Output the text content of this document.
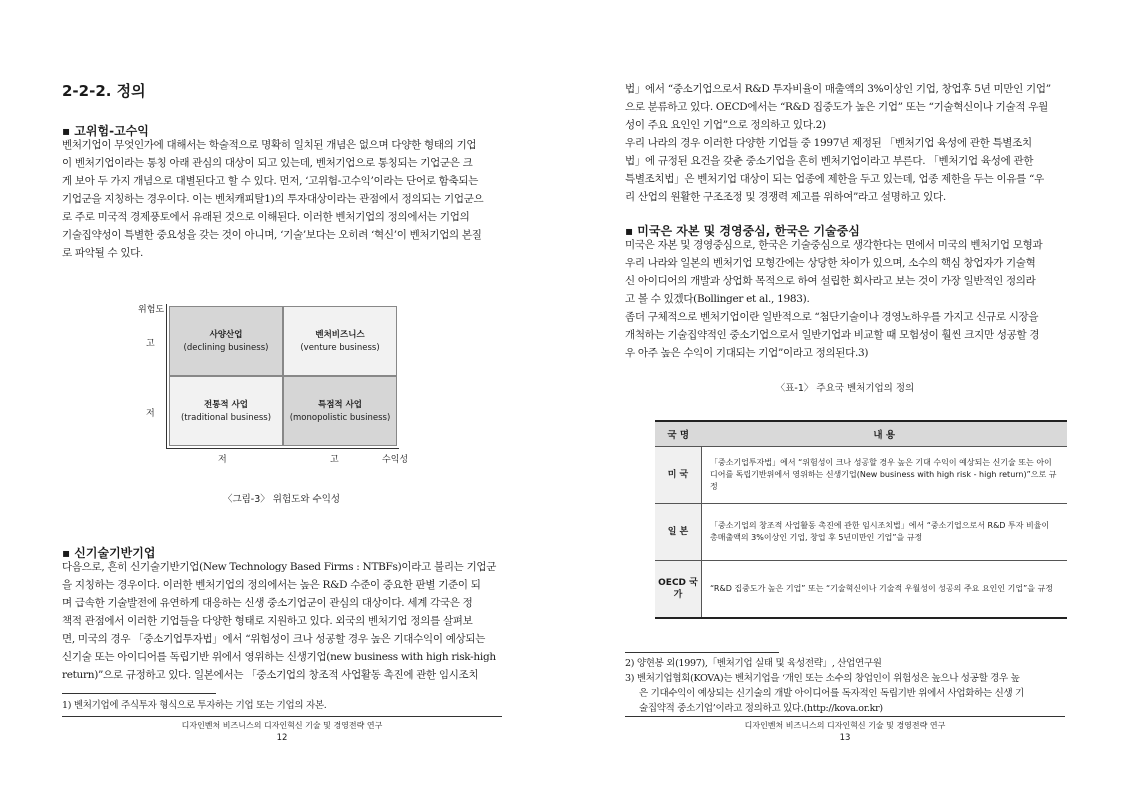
2-2-2. 정의
▪ 고위험-고수익
벤처기업이 무엇인가에 대해서는 학술적으로 명확히 일치된 개념은 없으며 다양한 형태의 기업
이 벤처기업이라는 통칭 아래 관심의 대상이 되고 있는데, 벤처기업으로 통칭되는 기업군은 크
게 보아 두 가지 개념으로 대별된다고 할 수 있다. 먼저, ‘고위험-고수익’이라는 단어로 함축되는
기업군을 지칭하는 경우이다. 이는 벤처캐피탈1)의 투자대상이라는 관점에서 정의되는 기업군으
로 주로 미국적 경제풍토에서 유래된 것으로 이해된다. 이러한 벤처기업의 정의에서는 기업의
기술집약성이 특별한 중요성을 갖는 것이 아니며, ‘기술’보다는 오히려 ‘혁신’이 벤처기업의 본질
로 파악될 수 있다.
위험도
고
저
사양산업
(declining business)
벤처비즈니스
(venture business)
전통적 사업
(traditional business)
특점적 사업
(monopolistic business)
저	고	수익성
〈그림-3〉 위험도와 수익성
▪ 신기술기반기업
다음으로, 흔히 신기술기반기업(New Technology Based Firms : NTBFs)이라고 불리는 기업군
을 지칭하는 경우이다. 이러한 벤처기업의 정의에서는 높은 R&D 수준이 중요한 판별 기준이 되
며 급속한 기술발전에 유연하게 대응하는 신생 중소기업군이 관심의 대상이다. 세계 각국은 정
책적 관점에서 이러한 기업들을 다양한 형태로 지원하고 있다. 외국의 벤처기업 정의를 살펴보
면, 미국의 경우 「중소기업투자법」에서 “위험성이 크나 성공할 경우 높은 기대수익이 예상되는
신기술 또는 아이디어를 독립기반 위에서 영위하는 신생기업(new business with high risk-high
return)”으로 규정하고 있다. 일본에서는 「중소기업의 창조적 사업활동 촉진에 관한 임시조치

1) 벤처기업에 주식투자 형식으로 투자하는 기업 또는 기업의 자본.

디자인벤처 비즈니스의 디자인혁신 기술 및 경영전략 연구
12
법」에서 “중소기업으로서 R&D 투자비율이 매출액의 3%이상인 기업, 창업후 5년 미만인 기업”
으로 분류하고 있다. OECD에서는 “R&D 집중도가 높은 기업” 또는 “기술혁신이나 기술적 우월
성이 주요 요인인 기업”으로 정의하고 있다.2)
우리 나라의 경우 이러한 다양한 기업들 중 1997년 제정된 「벤처기업 육성에 관한 특별조치
법」에 규정된 요건을 갖춘 중소기업을 흔히 벤처기업이라고 부른다. 「벤처기업 육성에 관한
특별조치법」은 벤처기업 대상이 되는 업종에 제한을 두고 있는데, 업종 제한을 두는 이유를 “우
리 산업의 원활한 구조조정 및 경쟁력 제고를 위하여”라고 설명하고 있다.
▪ 미국은 자본 및 경영중심, 한국은 기술중심
미국은 자본 및 경영중심으로, 한국은 기술중심으로 생각한다는 면에서 미국의 벤처기업 모형과
우리 나라와 일본의 벤처기업 모형간에는 상당한 차이가 있으며, 소수의 핵심 창업자가 기술혁
신 아이디어의 개발과 상업화 목적으로 하여 설립한 회사라고 보는 것이 가장 일반적인 정의라
고 볼 수 있겠다(Bollinger et al., 1983).
좀더 구체적으로 벤처기업이란 일반적으로 “첨단기술이나 경영노하우를 가지고 신규로 시장을
개척하는 기술집약적인 중소기업으로서 일반기업과 비교할 때 모험성이 훨씬 크지만 성공할 경
우 아주 높은 수익이 기대되는 기업”이라고 정의된다.3)
〈표-1〉 주요국 벤처기업의 정의
국 명	내 용
미 국	「중소기업투자법」에서 “위험성이 크나 성공할 경우 높은 기대 수익이 예상되는 신기술 또는 아이디어를 독립기반위에서 영위하는 신생기업(New business with high risk - high return)”으로 규정
일 본	「중소기업의 창조적 사업활동 촉진에 관한 임시조치법」에서 “중소기업으로서 R&D 투자 비율이 총매출액의 3%이상인 기업, 창업 후 5년미만인 기업”을 규정
OECD 국 가	“R&D 집중도가 높은 기업” 또는 “기술혁신이나 기술적 우월성이 성공의 주요 요인인 기업”을 규정
2) 양현봉 외(1997),「벤처기업 실태 및 육성전략」, 산업연구원
3) 벤처기업협회(KOVA)는 벤처기업을 ‘개인 또는 소수의 창업인이 위험성은 높으나 성공할 경우 높
은 기대수익이 예상되는 신기술의 개발 아이디어를 독자적인 독립기반 위에서 사업화하는 신생 기
술집약적 중소기업’이라고 정의하고 있다.(http://kova.or.kr)
디자인벤처 비즈니스의 디자인혁신 기술 및 경영전략 연구
13
